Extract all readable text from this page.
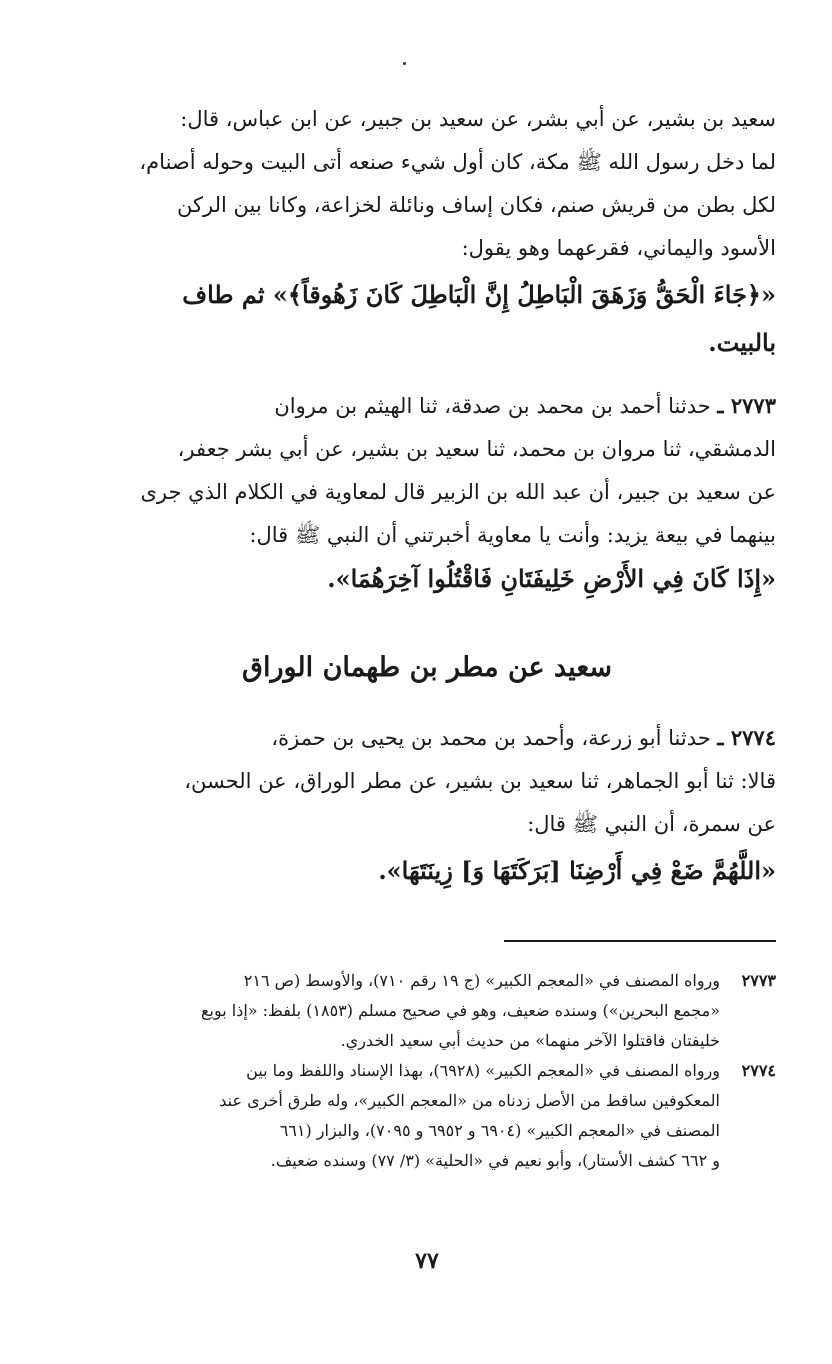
سعيد بن بشير، عن أبي بشر، عن سعيد بن جبير، عن ابن عباس، قال:
لما دخل رسول الله ﷺ مكة، كان أول شيء صنعه أتى البيت وحوله أصنام،
لكل بطن من قريش صنم، فكان إساف ونائلة لخزاعة، وكانا بين الركن
الأسود واليماني، فقرعهما وهو يقول:
«﴿جَاءَ الْحَقُّ وَزَهَقَ الْبَاطِلُ إِنَّ الْبَاطِلَ كَانَ زَهُوقاً﴾» ثم طاف
بالبيت.
٢٧٧٣ ـ حدثنا أحمد بن محمد بن صدقة، ثنا الهيثم بن مروان
الدمشقي، ثنا مروان بن محمد، ثنا سعيد بن بشير، عن أبي بشر جعفر،
عن سعيد بن جبير، أن عبد الله بن الزبير قال لمعاوية في الكلام الذي جرى
بينهما في بيعة يزيد: وأنت يا معاوية أخبرتني أن النبي ﷺ قال:
«إِذَا كَانَ فِي الأَرْضِ خَلِيفَتَانِ فَاقْتُلُوا آخِرَهُمَا».
سعيد عن مطر بن طهمان الوراق
٢٧٧٤ ـ حدثنا أبو زرعة، وأحمد بن محمد بن يحيى بن حمزة،
قالا: ثنا أبو الجماهر، ثنا سعيد بن بشير، عن مطر الوراق، عن الحسن،
عن سمرة، أن النبي ﷺ قال:
«اللَّهُمَّ ضَعْ فِي أَرْضِنَا [بَرَكَتَهَا وَ] زِينَتَهَا».
٢٧٧٣
ورواه المصنف في «المعجم الكبير» (ج ١٩ رقم ٧١٠)، والأوسط (ص ٢١٦
«مجمع البحرين») وسنده ضعيف، وهو في صحيح مسلم (١٨٥٣) بلفظ: «إذا بويع
خليفتان فاقتلوا الآخر منهما» من حديث أبي سعيد الخدري.
٢٧٧٤
ورواه المصنف في «المعجم الكبير» (٦٩٢٨)، بهذا الإسناد واللفظ وما بين
المعكوفين ساقط من الأصل زدناه من «المعجم الكبير»، وله طرق أخرى عند
المصنف في «المعجم الكبير» (٦٩٠٤ و ٦٩٥٢ و ٧٠٩٥)، والبزار (٦٦١
و ٦٦٢ كشف الأستار)، وأبو نعيم في «الحلية» (٣/ ٧٧) وسنده ضعيف.
٧٧
